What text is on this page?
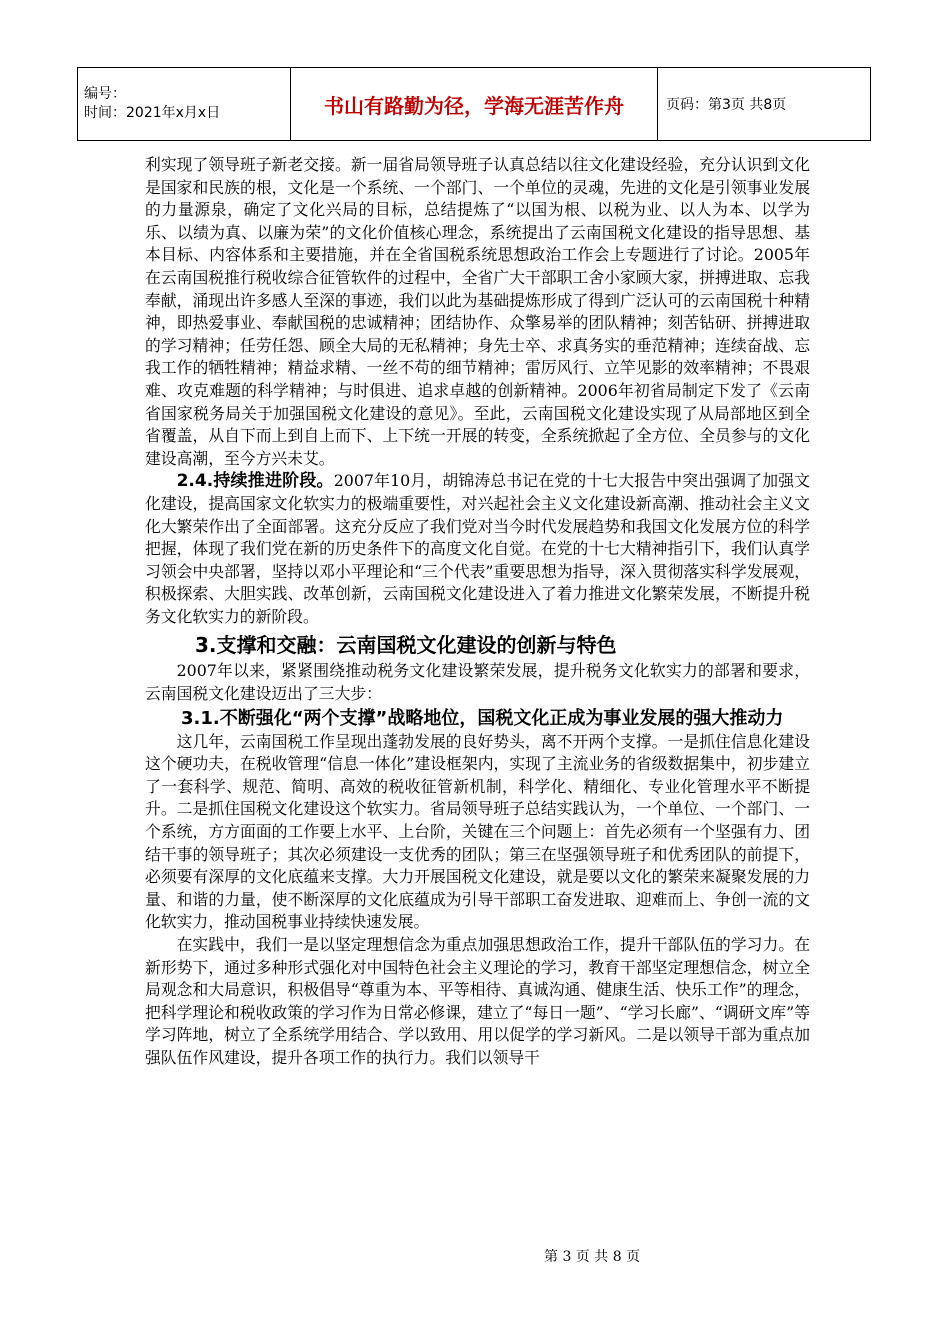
编号：
时间：2021年x月x日	书山有路勤为径，学海无涯苦作舟	页码：第3页 共8页

利实现了领导班子新老交接。新一届省局领导班子认真总结以往文化建设经验，充分认识到文化是国家和民族的根，文化是一个系统、一个部门、一个单位的灵魂，先进的文化是引领事业发展的力量源泉，确定了文化兴局的目标，总结提炼了“以国为根、以税为业、以人为本、以学为乐、以绩为真、以廉为荣”的文化价值核心理念，系统提出了云南国税文化建设的指导思想、基本目标、内容体系和主要措施，并在全省国税系统思想政治工作会上专题进行了讨论。2005年在云南国税推行税收综合征管软件的过程中，全省广大干部职工舍小家顾大家，拼搏进取、忘我奉献，涌现出许多感人至深的事迹，我们以此为基础提炼形成了得到广泛认可的云南国税十种精神，即热爱事业、奉献国税的忠诚精神；团结协作、众擎易举的团队精神；刻苦钻研、拼搏进取的学习精神；任劳任怨、顾全大局的无私精神；身先士卒、求真务实的垂范精神；连续奋战、忘我工作的牺牲精神；精益求精、一丝不苟的细节精神；雷厉风行、立竿见影的效率精神；不畏艰难、攻克难题的科学精神；与时俱进、追求卓越的创新精神。2006年初省局制定下发了《云南省国家税务局关于加强国税文化建设的意见》。至此，云南国税文化建设实现了从局部地区到全省覆盖，从自下而上到自上而下、上下统一开展的转变，全系统掀起了全方位、全员参与的文化建设高潮，至今方兴未艾。

2.4.持续推进阶段。2007年10月，胡锦涛总书记在党的十七大报告中突出强调了加强文化建设，提高国家文化软实力的极端重要性，对兴起社会主义文化建设新高潮、推动社会主义文化大繁荣作出了全面部署。这充分反应了我们党对当今时代发展趋势和我国文化发展方位的科学把握，体现了我们党在新的历史条件下的高度文化自觉。在党的十七大精神指引下，我们认真学习领会中央部署，坚持以邓小平理论和“三个代表”重要思想为指导，深入贯彻落实科学发展观，积极探索、大胆实践、改革创新，云南国税文化建设进入了着力推进文化繁荣发展，不断提升税务文化软实力的新阶段。

3.支撑和交融：云南国税文化建设的创新与特色

2007年以来，紧紧围绕推动税务文化建设繁荣发展，提升税务文化软实力的部署和要求，云南国税文化建设迈出了三大步：

3.1.不断强化“两个支撑”战略地位，国税文化正成为事业发展的强大推动力

这几年，云南国税工作呈现出蓬勃发展的良好势头，离不开两个支撑。一是抓住信息化建设这个硬功夫，在税收管理“信息一体化”建设框架内，实现了主流业务的省级数据集中，初步建立了一套科学、规范、简明、高效的税收征管新机制，科学化、精细化、专业化管理水平不断提升。二是抓住国税文化建设这个软实力。省局领导班子总结实践认为，一个单位、一个部门、一个系统，方方面面的工作要上水平、上台阶，关键在三个问题上：首先必须有一个坚强有力、团结干事的领导班子；其次必须建设一支优秀的团队；第三在坚强领导班子和优秀团队的前提下，必须要有深厚的文化底蕴来支撑。大力开展国税文化建设，就是要以文化的繁荣来凝聚发展的力量、和谐的力量，使不断深厚的文化底蕴成为引导干部职工奋发进取、迎难而上、争创一流的文化软实力，推动国税事业持续快速发展。

在实践中，我们一是以坚定理想信念为重点加强思想政治工作，提升干部队伍的学习力。在新形势下，通过多种形式强化对中国特色社会主义理论的学习，教育干部坚定理想信念，树立全局观念和大局意识，积极倡导“尊重为本、平等相待、真诚沟通、健康生活、快乐工作”的理念，把科学理论和税收政策的学习作为日常必修课，建立了“每日一题”、“学习长廊”、“调研文库”等学习阵地，树立了全系统学用结合、学以致用、用以促学的学习新风。二是以领导干部为重点加强队伍作风建设，提升各项工作的执行力。我们以领导干

第 3 页 共 8 页
